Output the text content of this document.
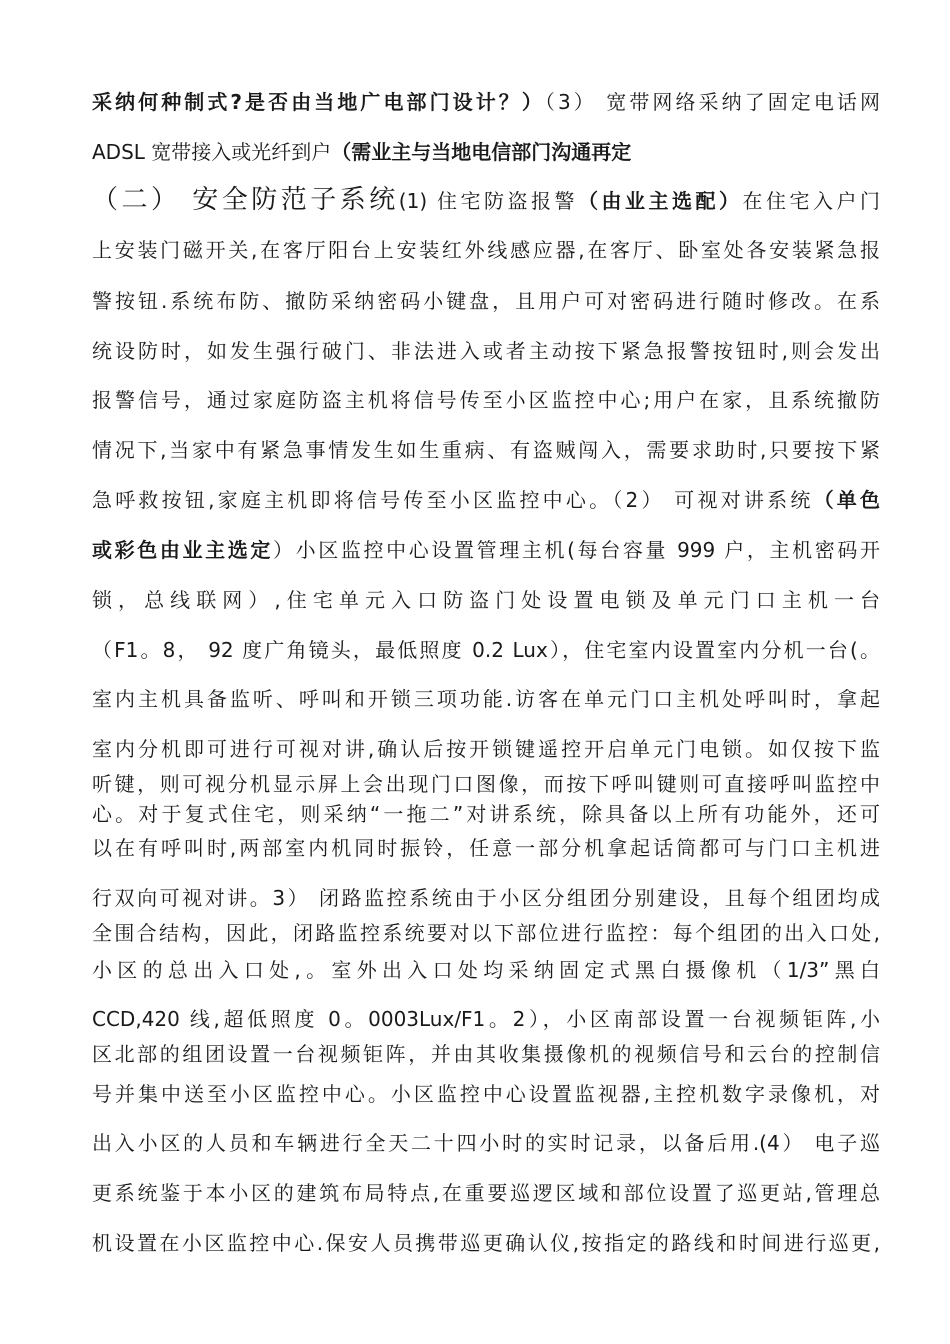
采纳何种制式?是否由当地广电部门设计？）（3） 宽带网络采纳了固定电话网
ADSL 宽带接入或光纤到户（需业主与当地电信部门沟通再定
（二） 安全防范子系统(1) 住宅防盗报警（由业主选配）在住宅入户门
上安装门磁开关,在客厅阳台上安装红外线感应器,在客厅、卧室处各安装紧急报
警按钮.系统布防、撤防采纳密码小键盘，且用户可对密码进行随时修改。在系
统设防时，如发生强行破门、非法进入或者主动按下紧急报警按钮时,则会发出
报警信号，通过家庭防盗主机将信号传至小区监控中心;用户在家，且系统撤防
情况下,当家中有紧急事情发生如生重病、有盗贼闯入，需要求助时,只要按下紧
急呼救按钮,家庭主机即将信号传至小区监控中心。（2） 可视对讲系统（单色
或彩色由业主选定）小区监控中心设置管理主机(每台容量 999 户，主机密码开
锁，总线联网）,住宅单元入口防盗门处设置电锁及单元门口主机一台
（F1。8， 92 度广角镜头，最低照度 0.2 Lux），住宅室内设置室内分机一台(。
室内主机具备监听、呼叫和开锁三项功能.访客在单元门口主机处呼叫时，拿起
室内分机即可进行可视对讲,确认后按开锁键遥控开启单元门电锁。如仅按下监
听键，则可视分机显示屏上会出现门口图像，而按下呼叫键则可直接呼叫监控中
心。对于复式住宅，则采纳“一拖二”对讲系统，除具备以上所有功能外，还可
以在有呼叫时,两部室内机同时振铃，任意一部分机拿起话筒都可与门口主机进
行双向可视对讲。3） 闭路监控系统由于小区分组团分别建设，且每个组团均成
全围合结构，因此，闭路监控系统要对以下部位进行监控：每个组团的出入口处,
小区的总出入口处,。室外出入口处均采纳固定式黑白摄像机（1/3”黑白
CCD,420 线,超低照度 0。0003Lux/F1。2），小区南部设置一台视频钜阵,小
区北部的组团设置一台视频钜阵，并由其收集摄像机的视频信号和云台的控制信
号并集中送至小区监控中心。小区监控中心设置监视器,主控机数字录像机，对
出入小区的人员和车辆进行全天二十四小时的实时记录，以备后用.(4） 电子巡
更系统鉴于本小区的建筑布局特点,在重要巡逻区域和部位设置了巡更站,管理总
机设置在小区监控中心.保安人员携带巡更确认仪,按指定的路线和时间进行巡更,
